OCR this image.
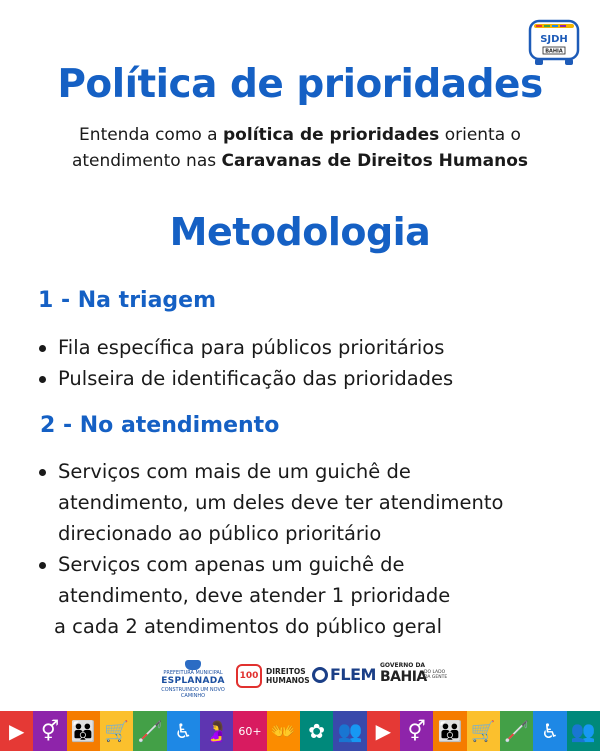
SJDH
BAHIA
Política de prioridades

Entenda como a política de prioridades orienta o atendimento nas Caravanas de Direitos Humanos

Metodologia
1 - Na triagem
Fila específica para públicos prioritários
Pulseira de identificação das prioridades
2 - No atendimento
Serviços com mais de um guichê de
atendimento, um deles deve ter atendimento
direcionado ao público prioritário
Serviços com apenas um guichê de
atendimento, deve atender 1 prioridade

a cada 2 atendimentos do público geral

PREFEITURA MUNICIPAL
ESPLANADA
CONSTRUINDO UM NOVO CAMINHO
100 DIREITOS
HUMANOS FLEM GOVERNO DA
BAHIA
DO LADO DA GENTE
▶ ⚥ 👪 🛒 🦯 ♿ 🤰 60+ 👐 ✿ 👥 ▶ ⚥ 👪 🛒 🦯 ♿ 👥
